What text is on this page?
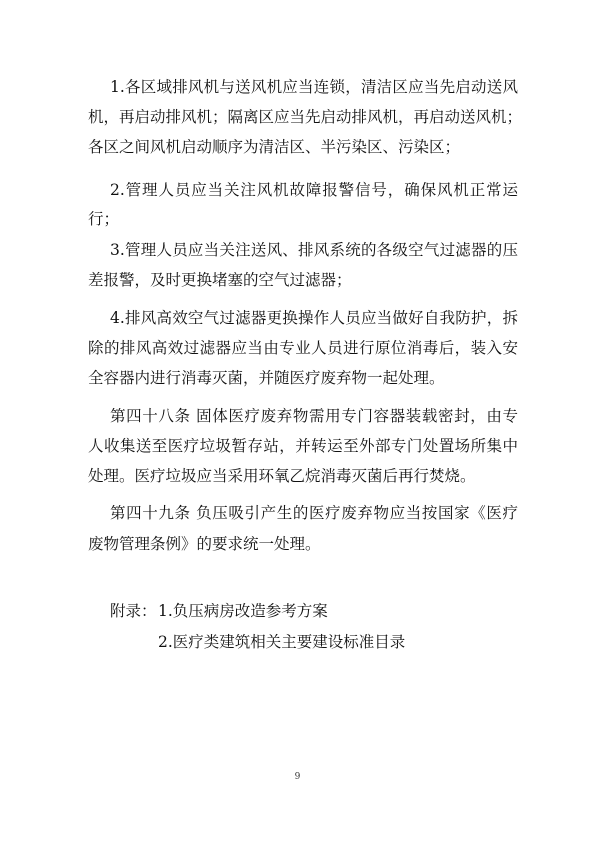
1.各区域排风机与送风机应当连锁，清洁区应当先启动送风
机，再启动排风机；隔离区应当先启动排风机，再启动送风机；
各区之间风机启动顺序为清洁区、半污染区、污染区；
2.管理人员应当关注风机故障报警信号，确保风机正常运
行；
3.管理人员应当关注送风、排风系统的各级空气过滤器的压
差报警，及时更换堵塞的空气过滤器；
4.排风高效空气过滤器更换操作人员应当做好自我防护，拆
除的排风高效过滤器应当由专业人员进行原位消毒后，装入安
全容器内进行消毒灭菌，并随医疗废弃物一起处理。
第四十八条 固体医疗废弃物需用专门容器装载密封，由专
人收集送至医疗垃圾暂存站，并转运至外部专门处置场所集中
处理。医疗垃圾应当采用环氧乙烷消毒灭菌后再行焚烧。
第四十九条 负压吸引产生的医疗废弃物应当按国家《医疗
废物管理条例》的要求统一处理。
附录： 1.负压病房改造参考方案
2.医疗类建筑相关主要建设标准目录
9
